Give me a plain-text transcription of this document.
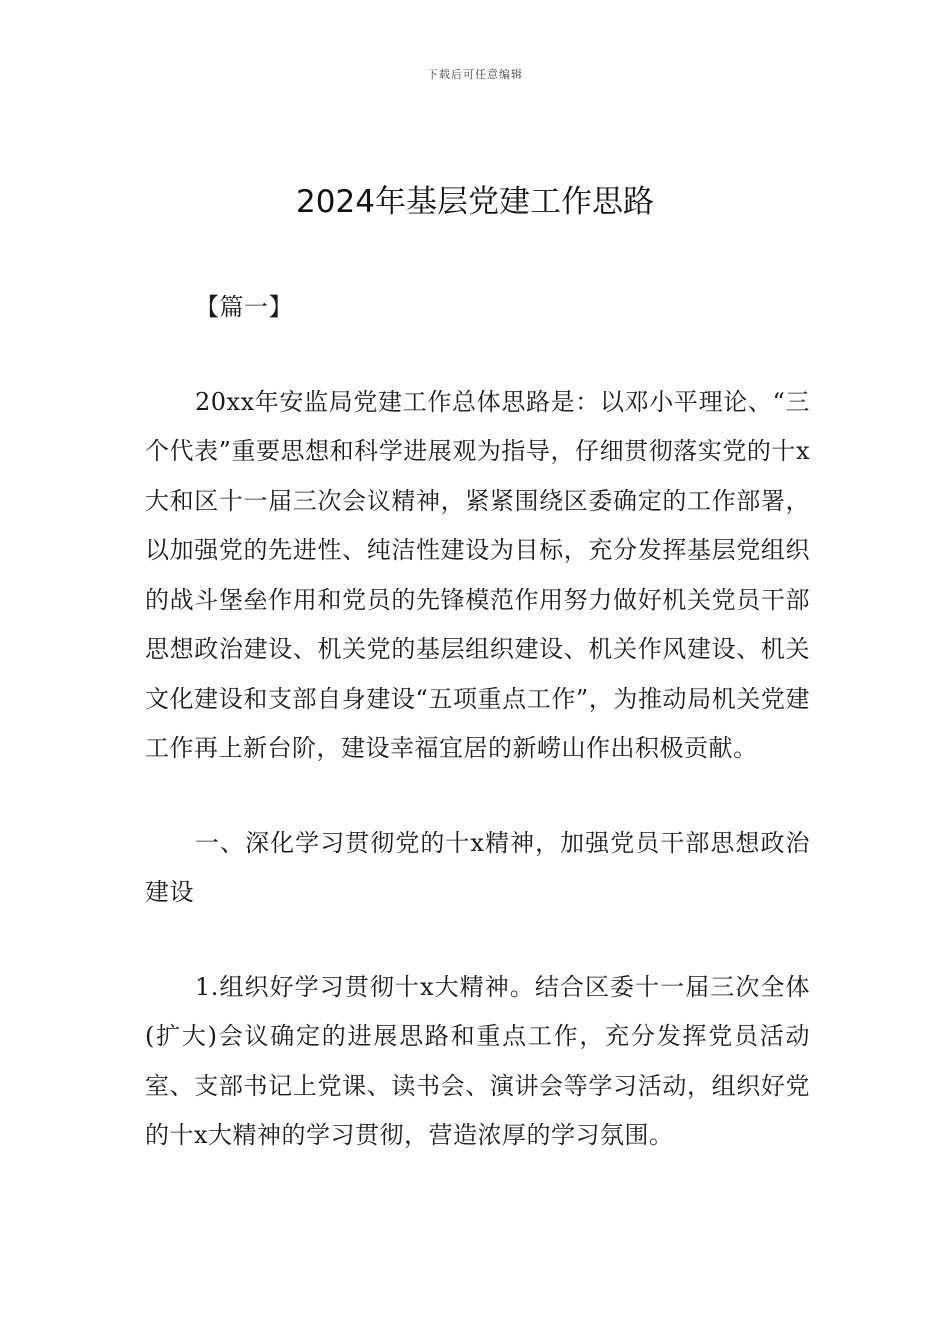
下载后可任意编辑
2024年基层党建工作思路

【篇一】

20xx年安监局党建工作总体思路是：以邓小平理论、“三个代表”重要思想和科学进展观为指导，仔细贯彻落实党的十x大和区十一届三次会议精神，紧紧围绕区委确定的工作部署，以加强党的先进性、纯洁性建设为目标，充分发挥基层党组织的战斗堡垒作用和党员的先锋模范作用努力做好机关党员干部思想政治建设、机关党的基层组织建设、机关作风建设、机关文化建设和支部自身建设“五项重点工作”，为推动局机关党建工作再上新台阶，建设幸福宜居的新崂山作出积极贡献。

一、深化学习贯彻党的十x精神，加强党员干部思想政治建设

1.组织好学习贯彻十x大精神。结合区委十一届三次全体(扩大)会议确定的进展思路和重点工作，充分发挥党员活动室、支部书记上党课、读书会、演讲会等学习活动，组织好党的十x大精神的学习贯彻，营造浓厚的学习氛围。
